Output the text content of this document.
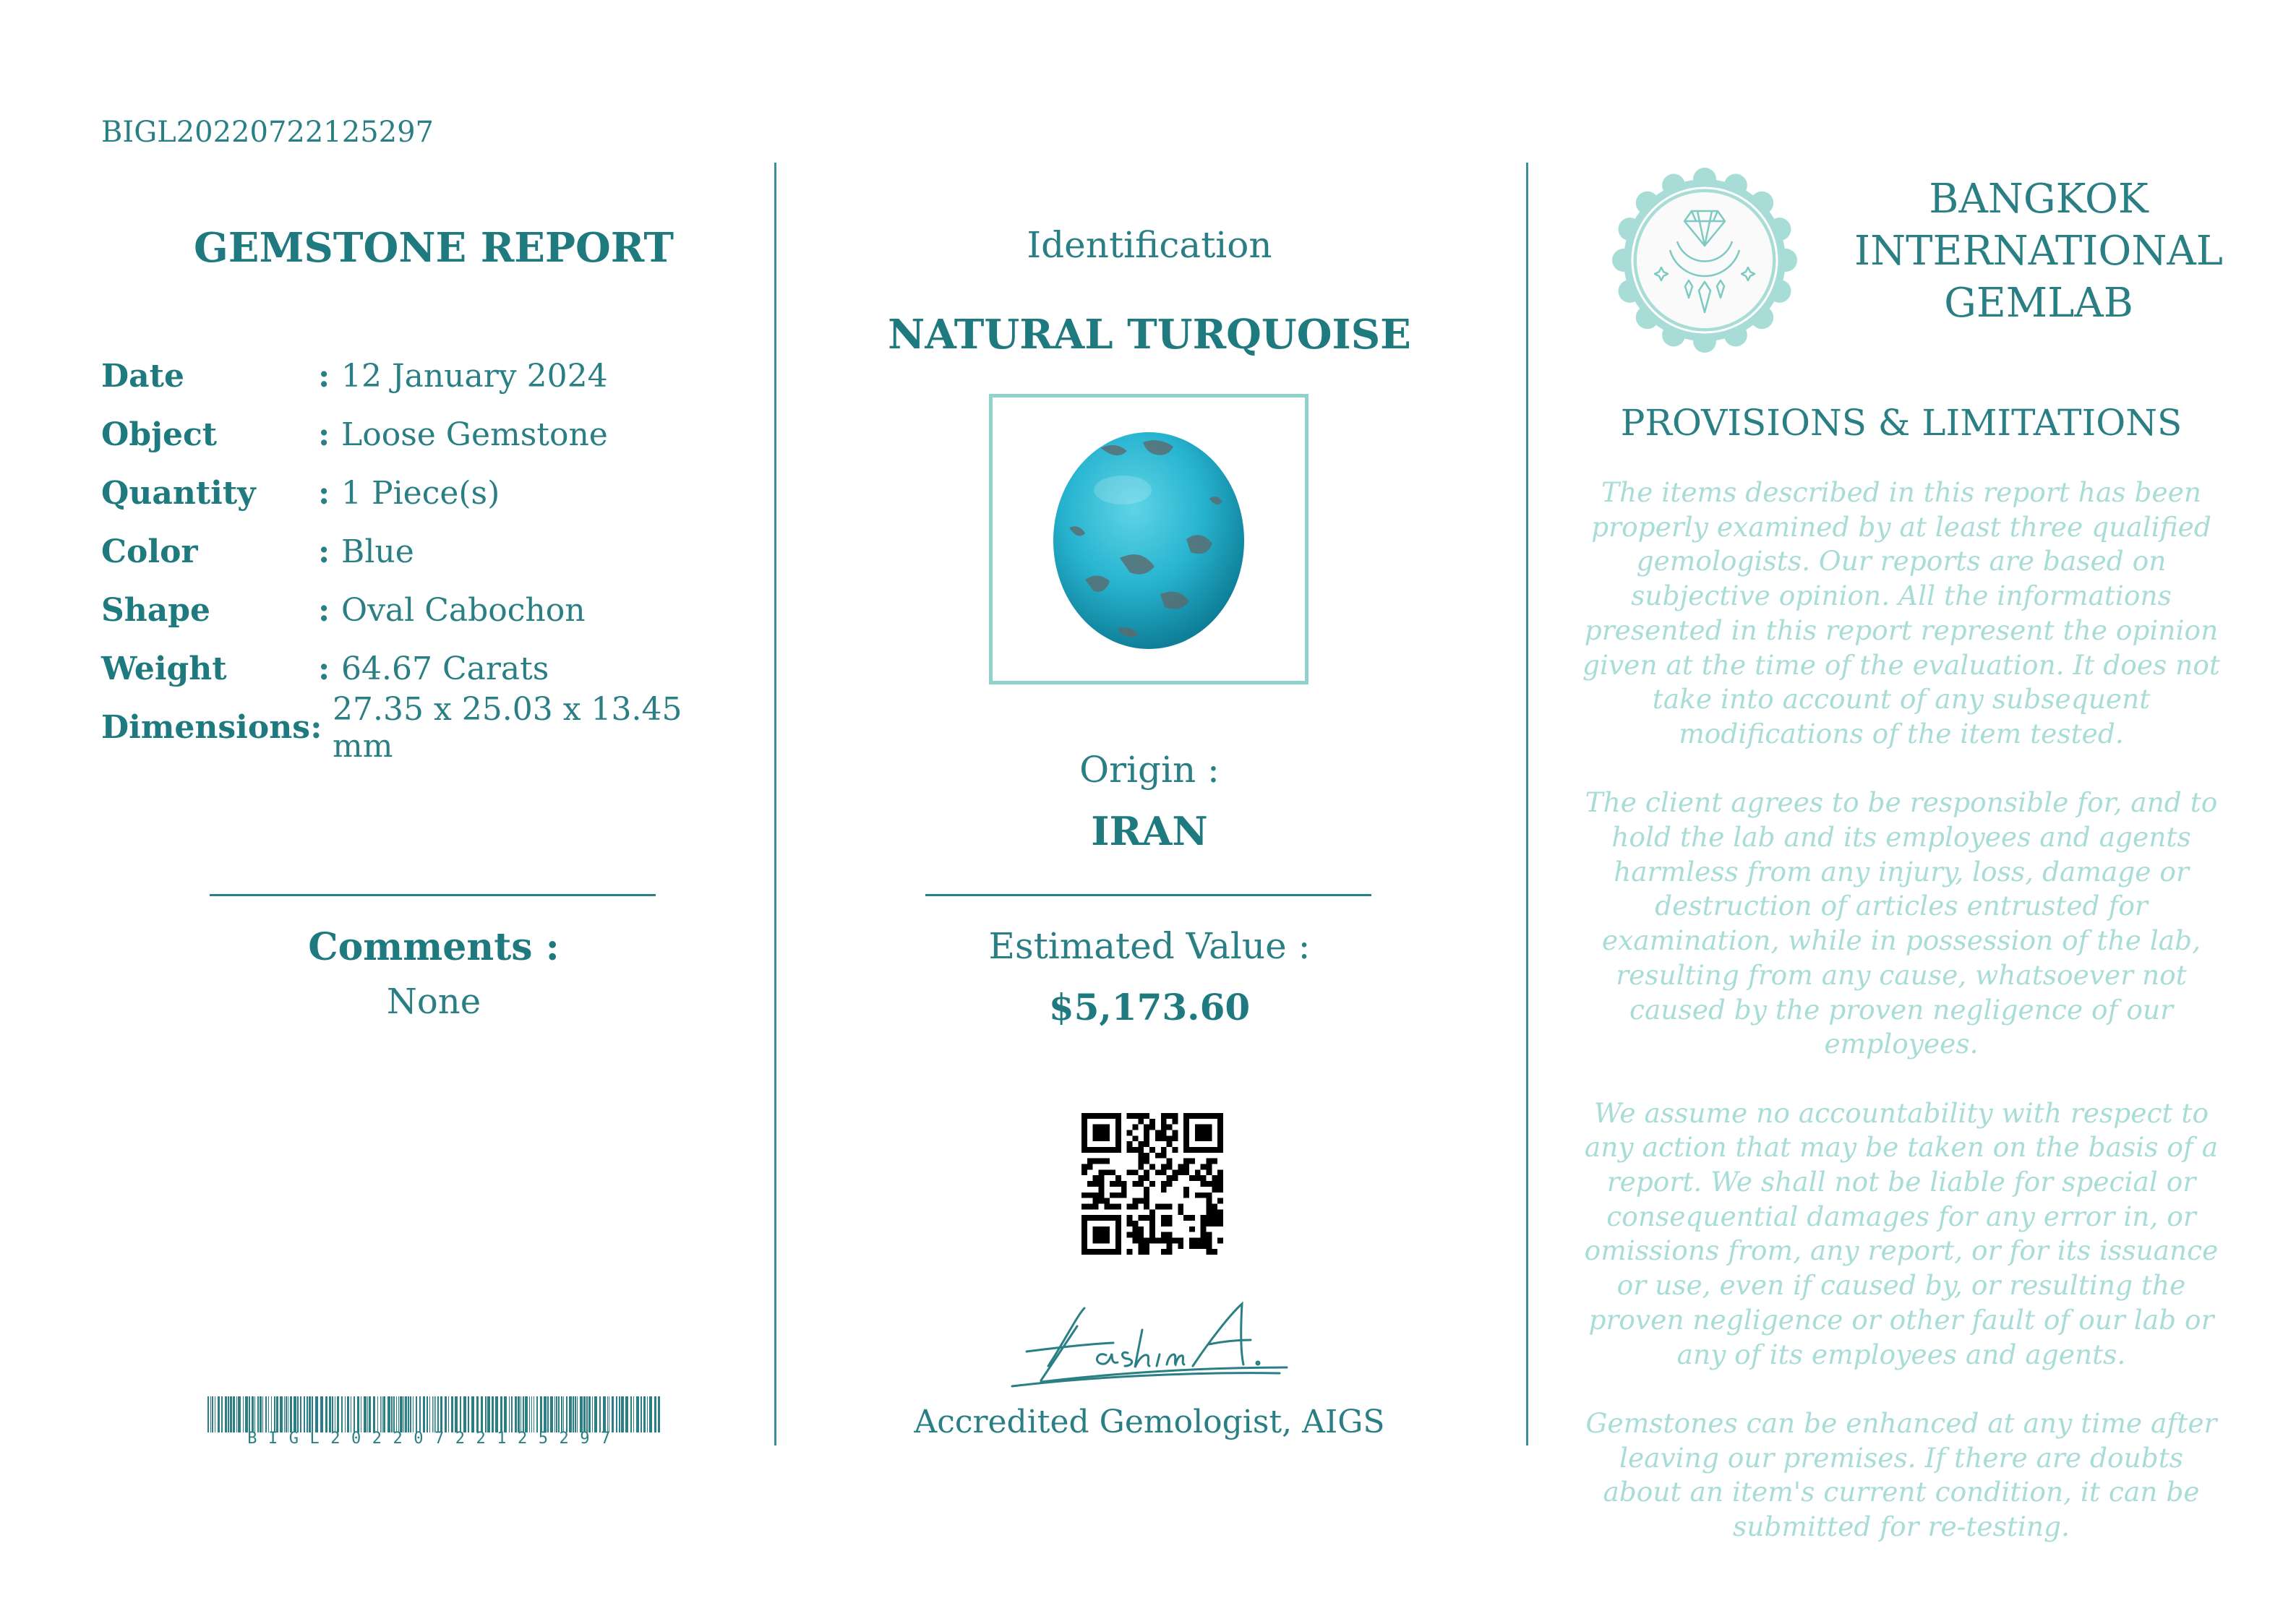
BIGL20220722125297
GEMSTONE REPORT
Date	: 12 January 2024
Object	: Loose Gemstone
Quantity	: 1 Piece(s)
Color	: Blue
Shape	: Oval Cabochon
Weight	: 64.67 Carats
Dimensions : 27.35 x 25.03 x 13.45 mm
Comments :
None
BIGL20220722125297
Identification
NATURAL TURQUOISE
Origin :
IRAN
Estimated Value :
$5,173.60
Accredited Gemologist, AIGS
BANGKOK
INTERNATIONAL
GEMLAB
PROVISIONS & LIMITATIONS

The items described in this report has been properly examined by at least three qualified gemologists. Our reports are based on subjective opinion. All the informations presented in this report represent the opinion given at the time of the evaluation. It does not take into account of any subsequent modifications of the item tested.

The client agrees to be responsible for, and to hold the lab and its employees and agents harmless from any injury, loss, damage or destruction of articles entrusted for examination, while in possession of the lab, resulting from any cause, whatsoever not caused by the proven negligence of our employees.

We assume no accountability with respect to any action that may be taken on the basis of a report. We shall not be liable for special or consequential damages for any error in, or omissions from, any report, or for its issuance or use, even if caused by, or resulting the proven negligence or other fault of our lab or any of its employees and agents.

Gemstones can be enhanced at any time after leaving our premises. If there are doubts about an item's current condition, it can be submitted for re-testing.
